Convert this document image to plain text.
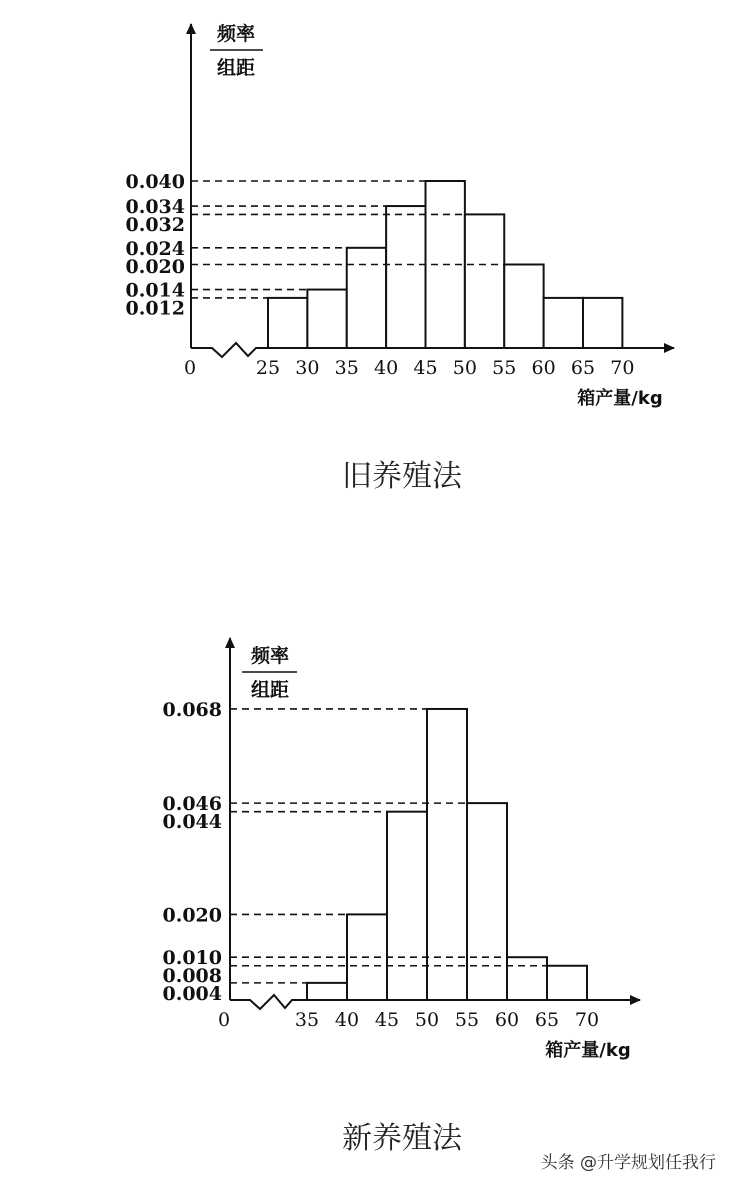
频率
组距
0
箱产量/kg
0.040
0.034
0.032
0.024
0.020
0.014
0.012
25 30 35 40 45 50 55 60 65 70
旧养殖法
频率
组距
0
箱产量/kg
0.068
0.046
0.044
0.020
0.010
0.008
0.004
35 40 45 50 55 60 65 70
新养殖法
头条 @升学规划任我行
